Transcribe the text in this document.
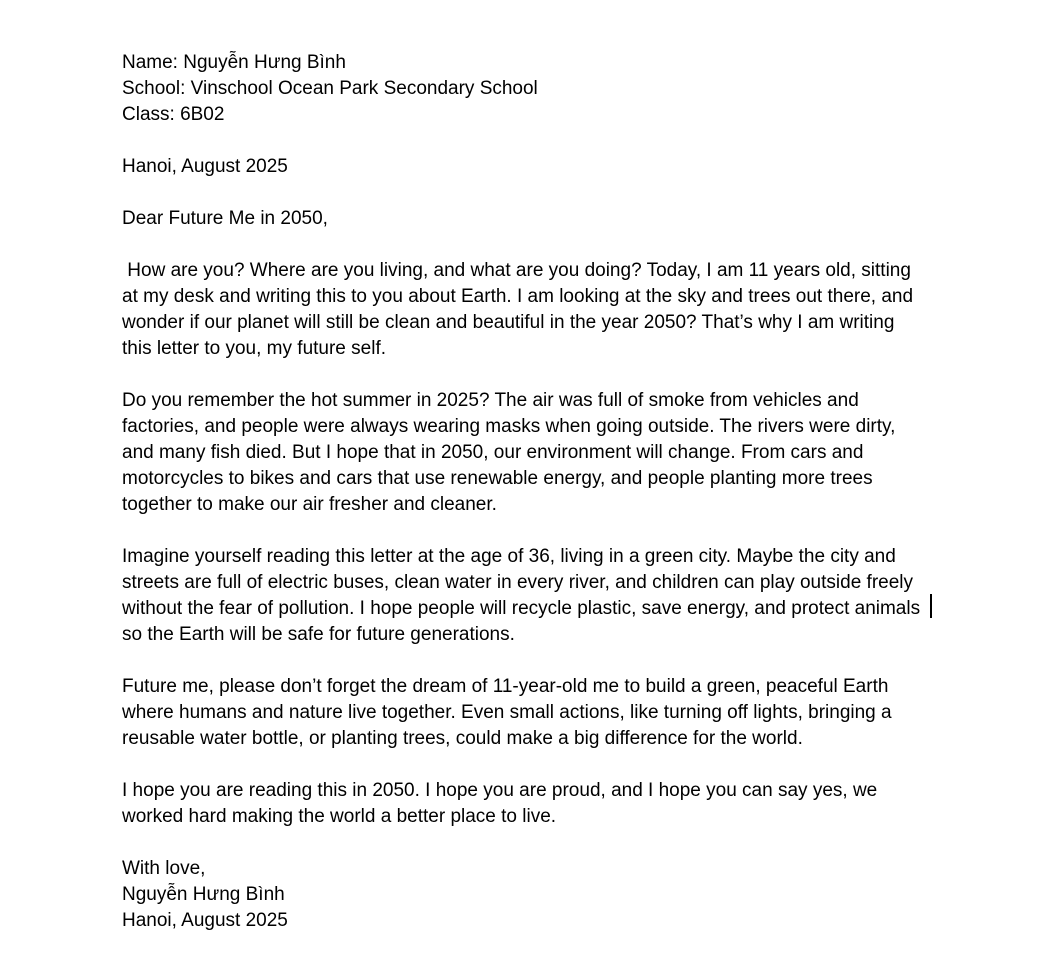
Name: Nguyễn Hưng Bình
School: Vinschool Ocean Park Secondary School
Class: 6B02
Hanoi, August 2025
Dear Future Me in 2050,

How are you? Where are you living, and what are you doing? Today, I am 11 years old, sitting at my desk and writing this to you about Earth. I am looking at the sky and trees out there, and wonder if our planet will still be clean and beautiful in the year 2050? That’s why I am writing this letter to you, my future self.

Do you remember the hot summer in 2025? The air was full of smoke from vehicles and factories, and people were always wearing masks when going outside. The rivers were dirty, and many fish died. But I hope that in 2050, our environment will change. From cars and motorcycles to bikes and cars that use renewable energy, and people planting more trees together to make our air fresher and cleaner.

Imagine yourself reading this letter at the age of 36, living in a green city. Maybe the city and streets are full of electric buses, clean water in every river, and children can play outside freely without the fear of pollution. I hope people will recycle plastic, save energy, and protect animals so the Earth will be safe for future generations.

Future me, please don’t forget the dream of 11-year-old me to build a green, peaceful Earth where humans and nature live together. Even small actions, like turning off lights, bringing a reusable water bottle, or planting trees, could make a big difference for the world.

I hope you are reading this in 2050. I hope you are proud, and I hope you can say yes, we worked hard making the world a better place to live.

With love,
Nguyễn Hưng Bình
Hanoi, August 2025
